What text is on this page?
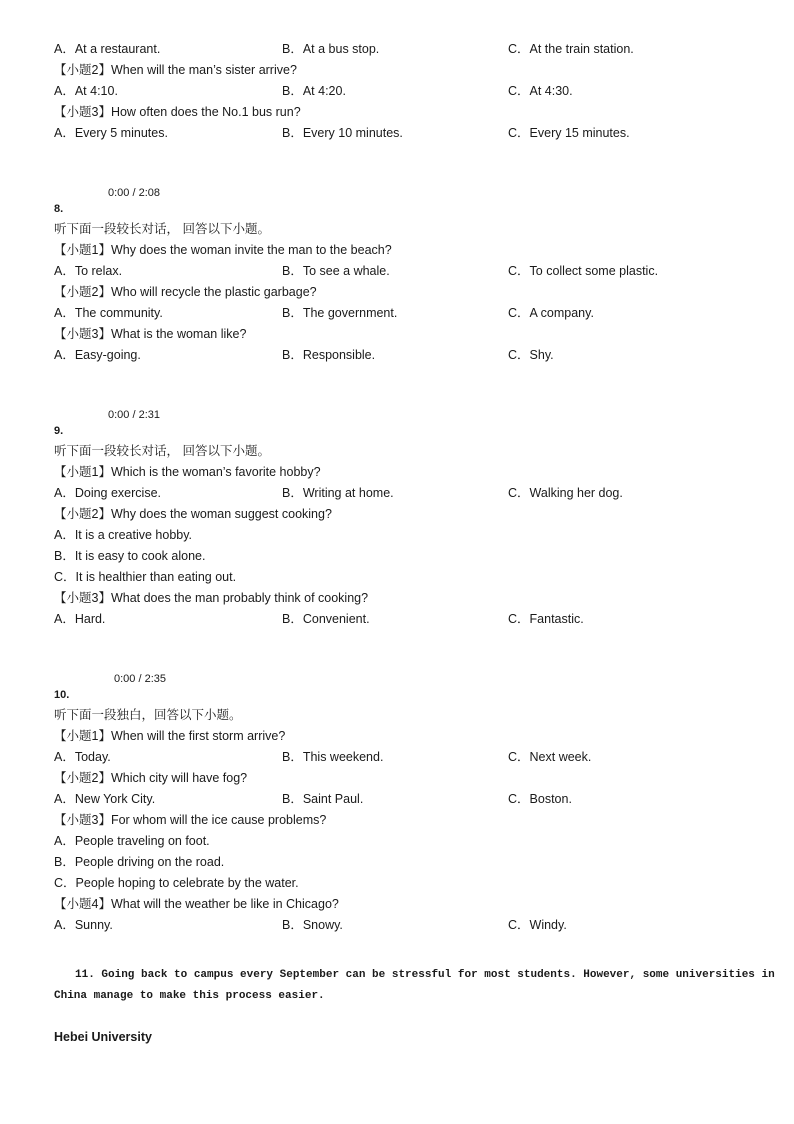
A．At a restaurant.	B．At a bus stop.	C．At the train station.
【小题2】When will the man’s sister arrive?
A．At 4:10.	B．At 4:20.	C．At 4:30.
【小题3】How often does the No.1 bus run?
A．Every 5 minutes.	B．Every 10 minutes.	C．Every 15 minutes.
0:00 / 2:08
8.
听下面一段较长对话， 回答以下小题。
【小题1】Why does the woman invite the man to the beach?
A．To relax.	B．To see a whale.	C．To collect some plastic.
【小题2】Who will recycle the plastic garbage?
A．The community.	B．The government.	C．A company.
【小题3】What is the woman like?
A．Easy-going.	B．Responsible.	C．Shy.
0:00 / 2:31
9.
听下面一段较长对话， 回答以下小题。
【小题1】Which is the woman’s favorite hobby?
A．Doing exercise.	B．Writing at home.	C．Walking her dog.
【小题2】Why does the woman suggest cooking?
A．It is a creative hobby.
B．It is easy to cook alone.
C．It is healthier than eating out.
【小题3】What does the man probably think of cooking?
A．Hard.	B．Convenient.	C．Fantastic.
0:00 / 2:35
10.
听下面一段独白，回答以下小题。
【小题1】When will the first storm arrive?
A．Today.	B．This weekend.	C．Next week.
【小题2】Which city will have fog?
A．New York City.	B．Saint Paul.	C．Boston.
【小题3】For whom will the ice cause problems?
A．People traveling on foot.
B．People driving on the road.
C．People hoping to celebrate by the water.
【小题4】What will the weather be like in Chicago?
A．Sunny.	B．Snowy.	C．Windy.
11. Going back to campus every September can be stressful for most students. However, some universities in
China manage to make this process easier.
Hebei University
